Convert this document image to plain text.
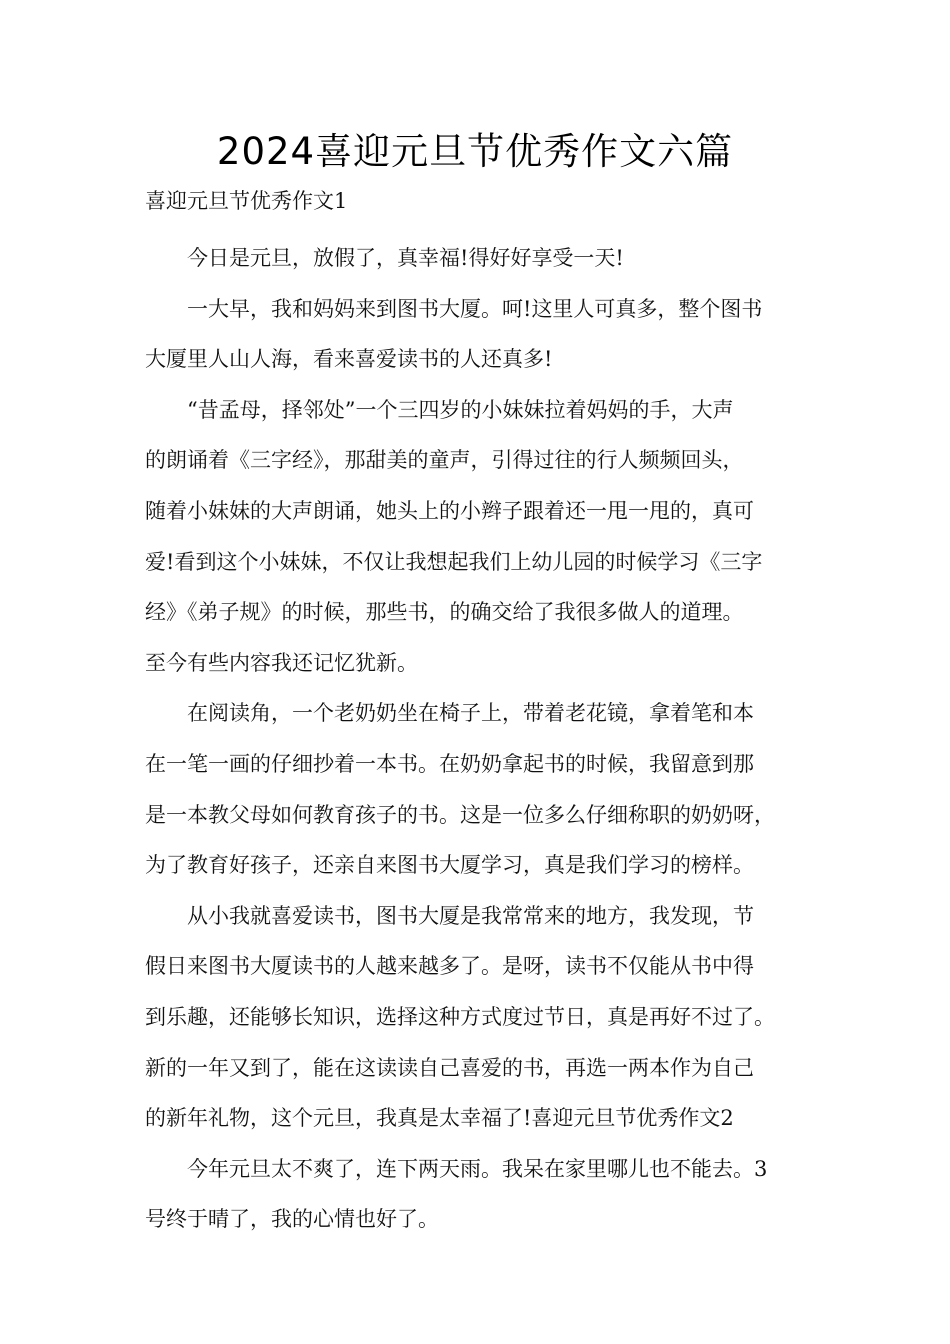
2024喜迎元旦节优秀作文六篇
喜迎元旦节优秀作文1

今日是元旦，放假了，真幸福!得好好享受一天!

一大早，我和妈妈来到图书大厦。呵!这里人可真多，整个图书
大厦里人山人海，看来喜爱读书的人还真多!

“昔孟母，择邻处”一个三四岁的小妹妹拉着妈妈的手，大声
的朗诵着《三字经》，那甜美的童声，引得过往的行人频频回头，
随着小妹妹的大声朗诵，她头上的小辫子跟着还一甩一甩的，真可
爱!看到这个小妹妹，不仅让我想起我们上幼儿园的时候学习《三字
经》《弟子规》的时候，那些书，的确交给了我很多做人的道理。
至今有些内容我还记忆犹新。

在阅读角，一个老奶奶坐在椅子上，带着老花镜，拿着笔和本
在一笔一画的仔细抄着一本书。在奶奶拿起书的时候，我留意到那
是一本教父母如何教育孩子的书。这是一位多么仔细称职的奶奶呀，
为了教育好孩子，还亲自来图书大厦学习，真是我们学习的榜样。

从小我就喜爱读书，图书大厦是我常常来的地方，我发现，节
假日来图书大厦读书的人越来越多了。是呀，读书不仅能从书中得
到乐趣，还能够长知识，选择这种方式度过节日，真是再好不过了。
新的一年又到了，能在这读读自己喜爱的书，再选一两本作为自己
的新年礼物，这个元旦，我真是太幸福了!喜迎元旦节优秀作文2

今年元旦太不爽了，连下两天雨。我呆在家里哪儿也不能去。3
号终于晴了，我的心情也好了。
